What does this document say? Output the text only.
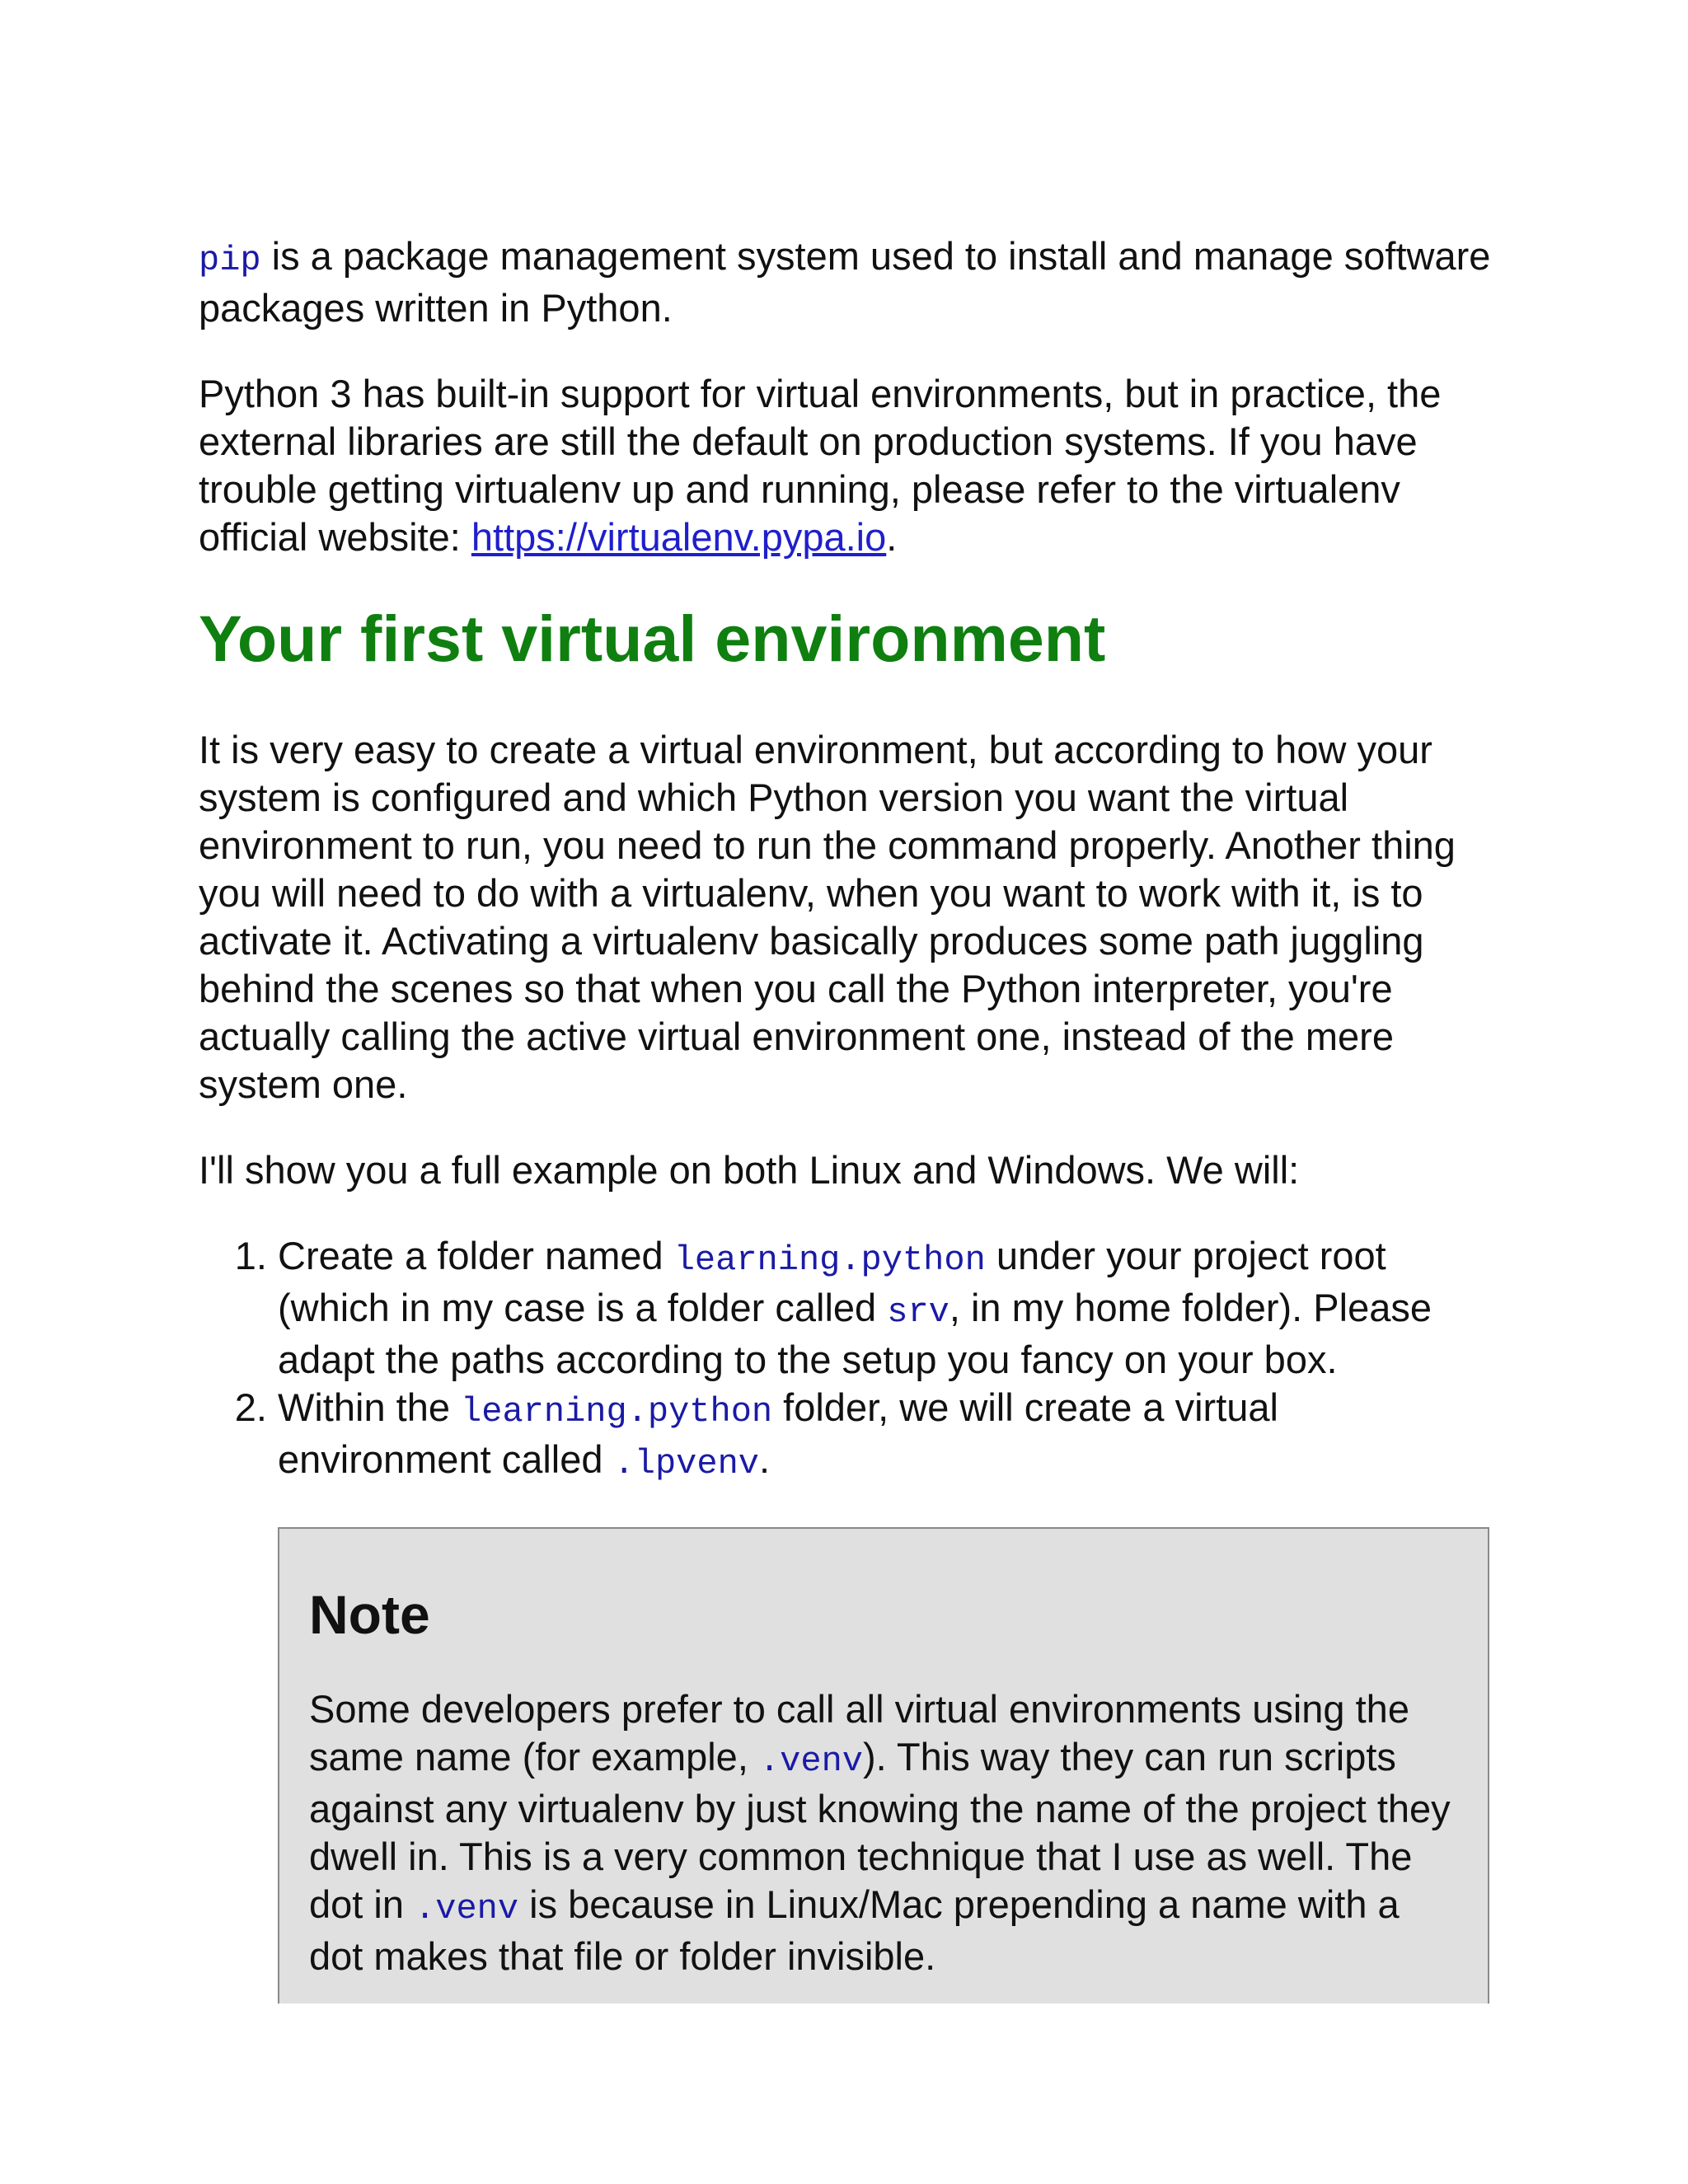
pip is a package management system used to install and manage software packages written in Python.

Python 3 has built-in support for virtual environments, but in practice, the external libraries are still the default on production systems. If you have trouble getting virtualenv up and running, please refer to the virtualenv official website: https://virtualenv.pypa.io.

Your first virtual environment

It is very easy to create a virtual environment, but according to how your system is configured and which Python version you want the virtual environment to run, you need to run the command properly. Another thing you will need to do with a virtualenv, when you want to work with it, is to activate it. Activating a virtualenv basically produces some path juggling behind the scenes so that when you call the Python interpreter, you're actually calling the active virtual environment one, instead of the mere system one.

I'll show you a full example on both Linux and Windows. We will:

1. Create a folder named learning.python under your project root (which in my case is a folder called srv, in my home folder). Please adapt the paths according to the setup you fancy on your box.
2. Within the learning.python folder, we will create a virtual environment called .lpvenv.
Note

Some developers prefer to call all virtual environments using the same name (for example, .venv). This way they can run scripts against any virtualenv by just knowing the name of the project they dwell in. This is a very common technique that I use as well. The dot in .venv is because in Linux/Mac prepending a name with a dot makes that file or folder invisible.
